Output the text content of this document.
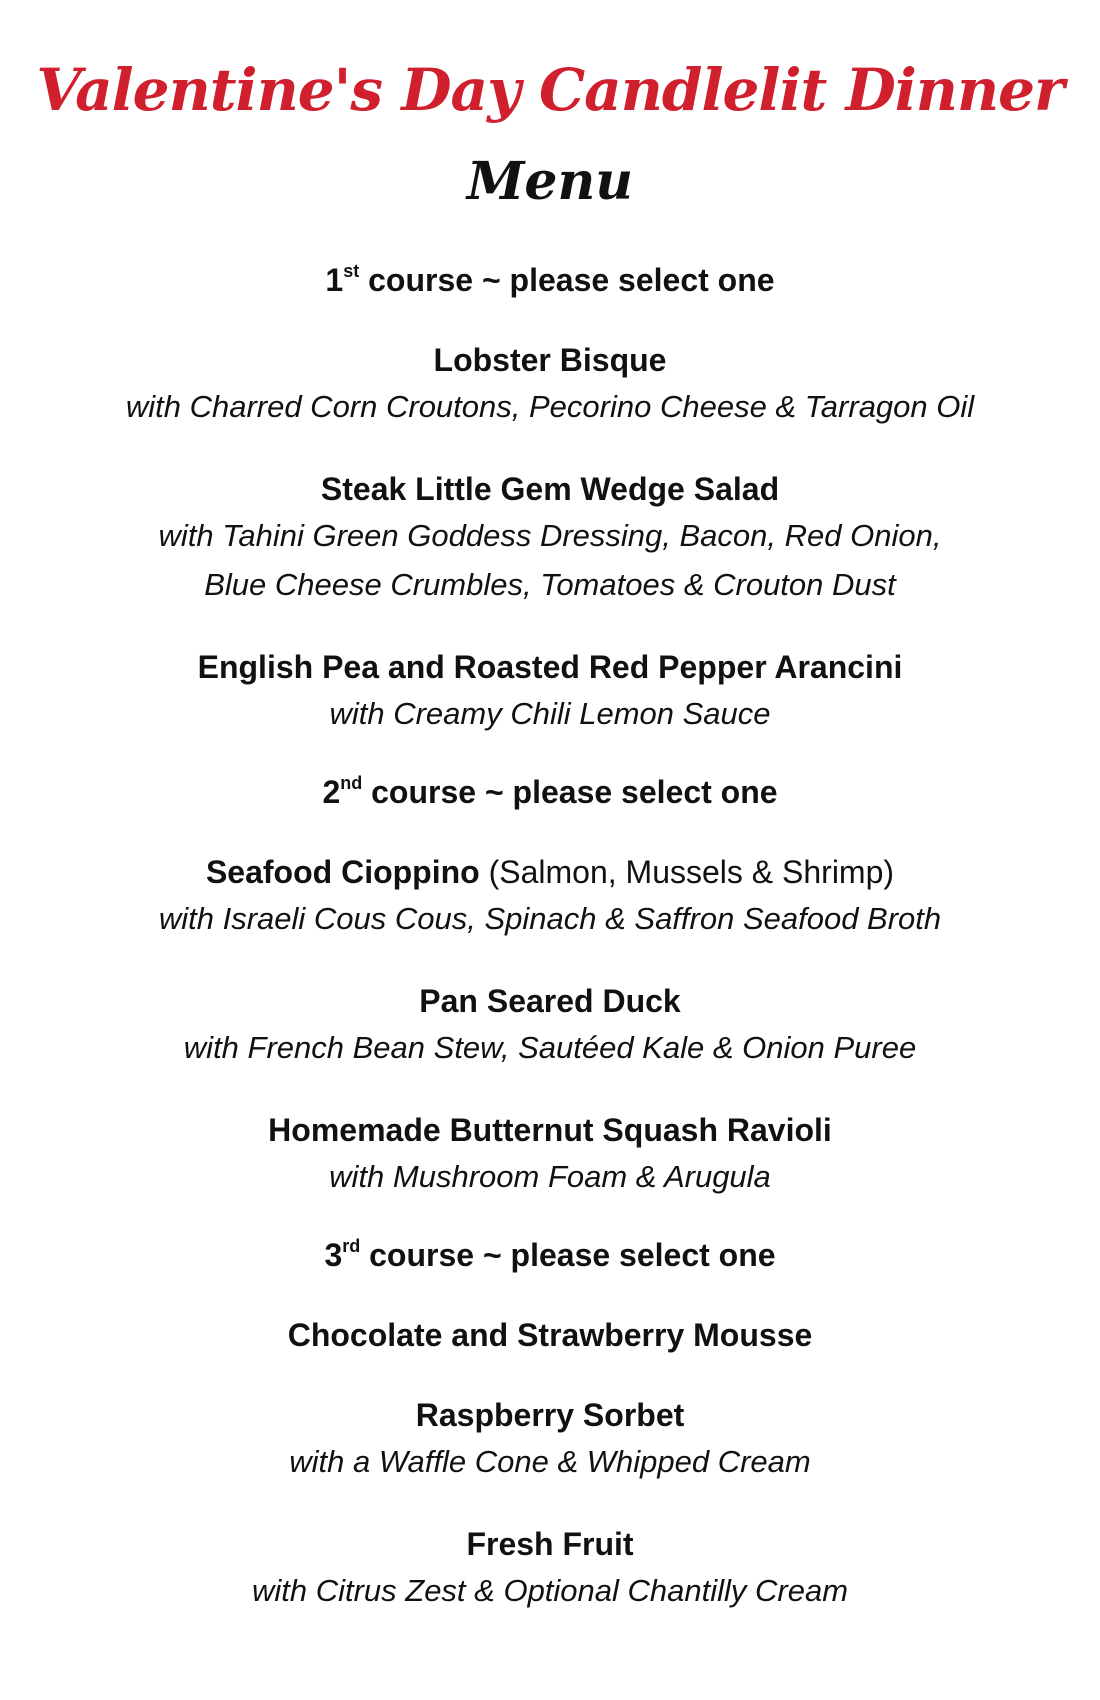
Valentine's Day Candlelit Dinner
Menu

1st course ~ please select one

Lobster Bisque

with Charred Corn Croutons, Pecorino Cheese & Tarragon Oil

Steak Little Gem Wedge Salad

with Tahini Green Goddess Dressing, Bacon, Red Onion,

Blue Cheese Crumbles, Tomatoes & Crouton Dust

English Pea and Roasted Red Pepper Arancini

with Creamy Chili Lemon Sauce

2nd course ~ please select one

Seafood Cioppino (Salmon, Mussels & Shrimp)

with Israeli Cous Cous, Spinach & Saffron Seafood Broth

Pan Seared Duck

with French Bean Stew, Sautéed Kale & Onion Puree

Homemade Butternut Squash Ravioli

with Mushroom Foam & Arugula

3rd course ~ please select one

Chocolate and Strawberry Mousse

Raspberry Sorbet

with a Waffle Cone & Whipped Cream

Fresh Fruit

with Citrus Zest & Optional Chantilly Cream
